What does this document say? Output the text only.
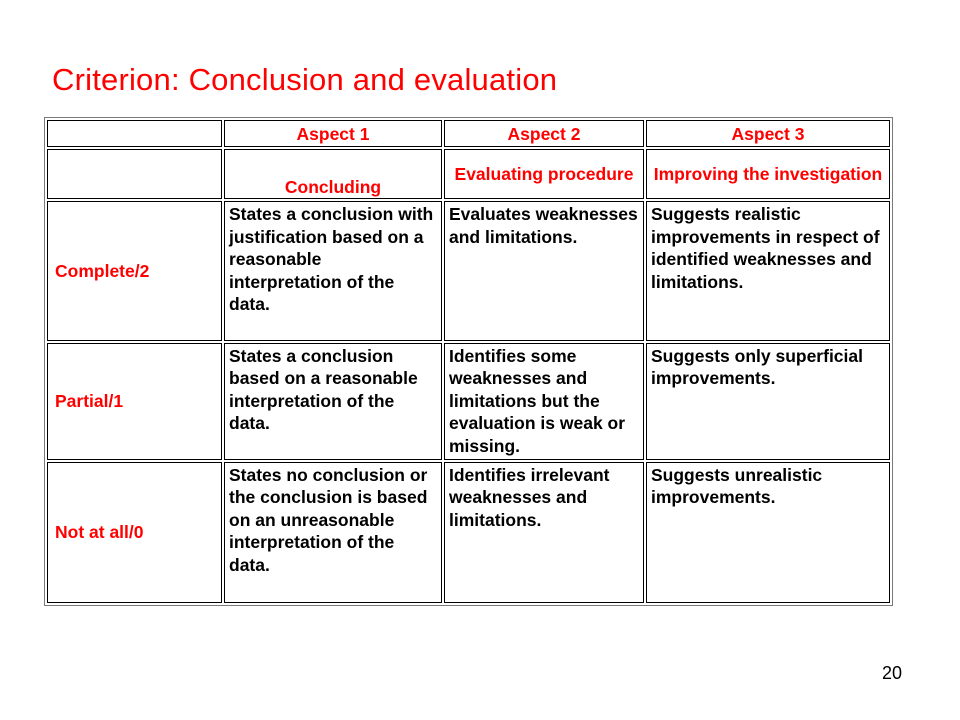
Criterion: Conclusion and evaluation
	Aspect 1	Aspect 2	Aspect 3
	Concluding	Evaluating procedure	Improving the investigation
Complete/2	States a conclusion with justification based on a reasonable interpretation of the data.	Evaluates weaknesses and limitations.	Suggests realistic improvements in respect of identified weaknesses and limitations.
Partial/1	States a conclusion based on a reasonable interpretation of the data.	Identifies some weaknesses and limitations but the evaluation is weak or missing.	Suggests only superficial improvements.
Not at all/0	States no conclusion or the conclusion is based on an unreasonable interpretation of the data.	Identifies irrelevant weaknesses and limitations.	Suggests unrealistic improvements.
20
